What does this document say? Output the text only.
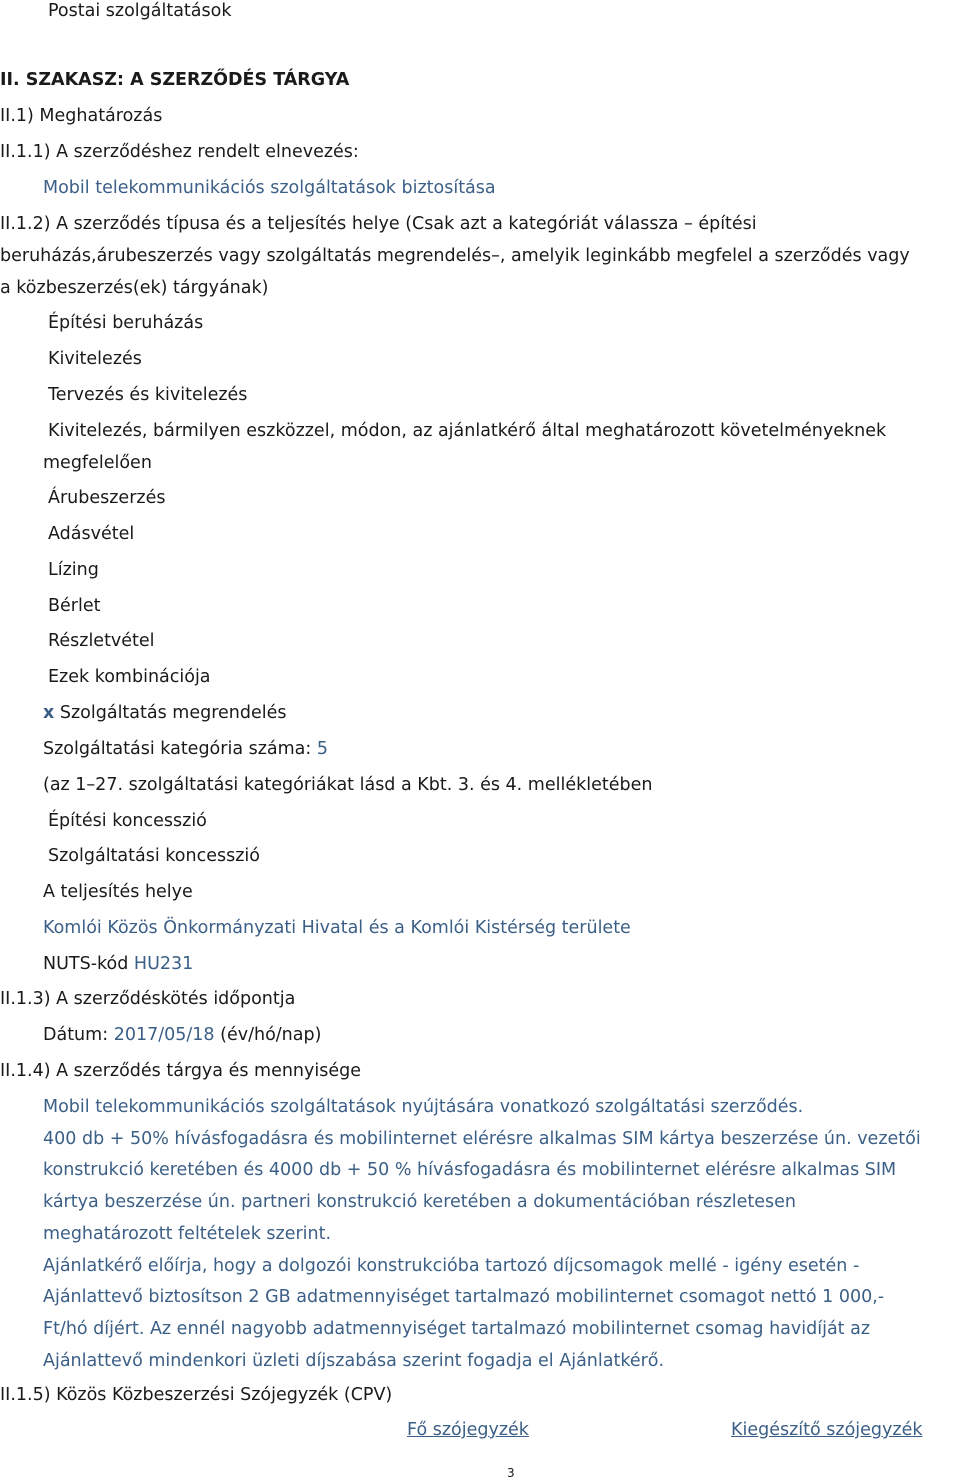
Postai szolgáltatások
II. SZAKASZ: A SZERZŐDÉS TÁRGYA
II.1) Meghatározás
II.1.1) A szerződéshez rendelt elnevezés:
Mobil telekommunikációs szolgáltatások biztosítása
II.1.2) A szerződés típusa és a teljesítés helye (Csak azt a kategóriát válassza – építési
beruházás,árubeszerzés vagy szolgáltatás megrendelés–, amelyik leginkább megfelel a szerződés vagy
a közbeszerzés(ek) tárgyának)
Építési beruházás
Kivitelezés
Tervezés és kivitelezés
Kivitelezés, bármilyen eszközzel, módon, az ajánlatkérő által meghatározott követelményeknek
megfelelően
Árubeszerzés
Adásvétel
Lízing
Bérlet
Részletvétel
Ezek kombinációja
x Szolgáltatás megrendelés
Szolgáltatási kategória száma: 5
(az 1–27. szolgáltatási kategóriákat lásd a Kbt. 3. és 4. mellékletében
Építési koncesszió
Szolgáltatási koncesszió
A teljesítés helye
Komlói Közös Önkormányzati Hivatal és a Komlói Kistérség területe
NUTS-kód HU231
II.1.3) A szerződéskötés időpontja
Dátum: 2017/05/18 (év/hó/nap)
II.1.4) A szerződés tárgya és mennyisége
Mobil telekommunikációs szolgáltatások nyújtására vonatkozó szolgáltatási szerződés.
400 db + 50% hívásfogadásra és mobilinternet elérésre alkalmas SIM kártya beszerzése ún. vezetői
konstrukció keretében és 4000 db + 50 % hívásfogadásra és mobilinternet elérésre alkalmas SIM
kártya beszerzése ún. partneri konstrukció keretében a dokumentációban részletesen
meghatározott feltételek szerint.
Ajánlatkérő előírja, hogy a dolgozói konstrukcióba tartozó díjcsomagok mellé - igény esetén -
Ajánlattevő biztosítson 2 GB adatmennyiséget tartalmazó mobilinternet csomagot nettó 1 000,-
Ft/hó díjért. Az ennél nagyobb adatmennyiséget tartalmazó mobilinternet csomag havidíját az
Ajánlattevő mindenkori üzleti díjszabása szerint fogadja el Ajánlatkérő.
II.1.5) Közös Közbeszerzési Szójegyzék (CPV)
Fő szójegyzék	Kiegészítő szójegyzék
3
